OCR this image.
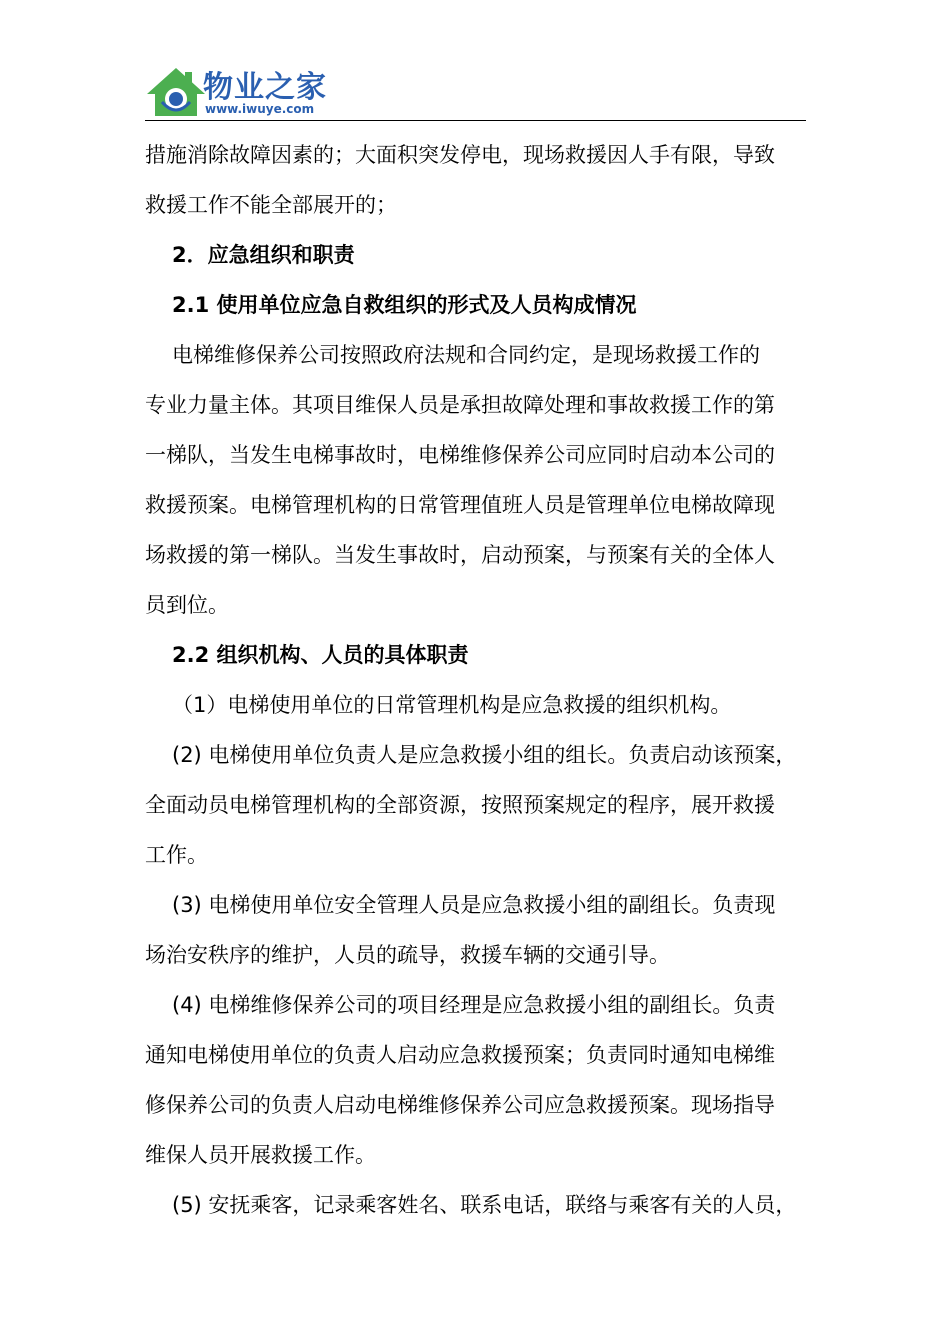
物业之家
www.iwuye.com
措施消除故障因素的；大面积突发停电，现场救援因人手有限，导致
救援工作不能全部展开的；
2．应急组织和职责
2.1 使用单位应急自救组织的形式及人员构成情况
电梯维修保养公司按照政府法规和合同约定，是现场救援工作的
专业力量主体。其项目维保人员是承担故障处理和事故救援工作的第
一梯队，当发生电梯事故时，电梯维修保养公司应同时启动本公司的
救援预案。电梯管理机构的日常管理值班人员是管理单位电梯故障现
场救援的第一梯队。当发生事故时，启动预案，与预案有关的全体人
员到位。
2.2 组织机构、人员的具体职责
（1）电梯使用单位的日常管理机构是应急救援的组织机构。
(2) 电梯使用单位负责人是应急救援小组的组长。负责启动该预案，
全面动员电梯管理机构的全部资源，按照预案规定的程序，展开救援
工作。
(3) 电梯使用单位安全管理人员是应急救援小组的副组长。负责现
场治安秩序的维护，人员的疏导，救援车辆的交通引导。
(4) 电梯维修保养公司的项目经理是应急救援小组的副组长。负责
通知电梯使用单位的负责人启动应急救援预案；负责同时通知电梯维
修保养公司的负责人启动电梯维修保养公司应急救援预案。现场指导
维保人员开展救援工作。
(5) 安抚乘客，记录乘客姓名、联系电话，联络与乘客有关的人员，
